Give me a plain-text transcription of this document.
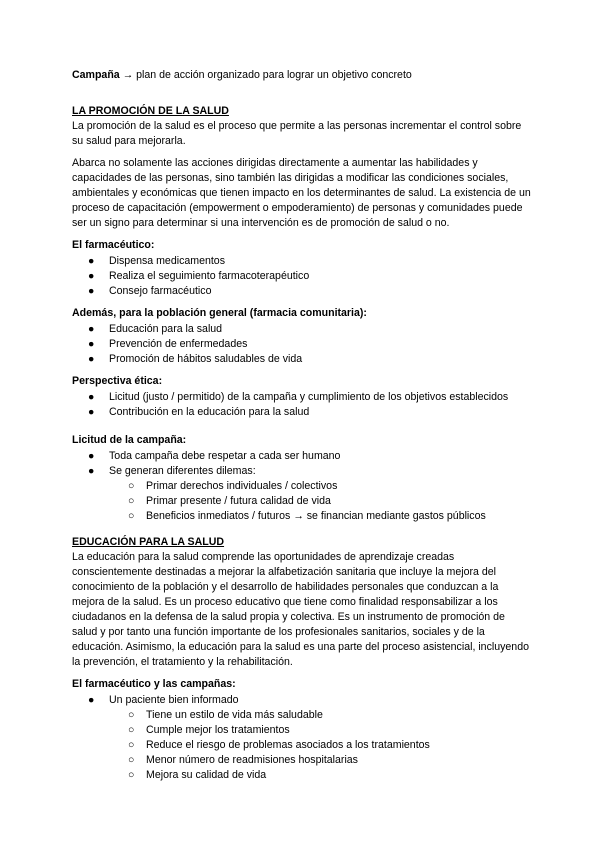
Campaña → plan de acción organizado para lograr un objetivo concreto

LA PROMOCIÓN DE LA SALUD

La promoción de la salud es el proceso que permite a las personas incrementar el control sobre su salud para mejorarla.

Abarca no solamente las acciones dirigidas directamente a aumentar las habilidades y capacidades de las personas, sino también las dirigidas a modificar las condiciones sociales, ambientales y económicas que tienen impacto en los determinantes de salud. La existencia de un proceso de capacitación (empowerment o empoderamiento) de personas y comunidades puede ser un signo para determinar si una intervención es de promoción de salud o no.

El farmacéutico:

● Dispensa medicamentos
● Realiza el seguimiento farmacoterapéutico
● Consejo farmacéutico

Además, para la población general (farmacia comunitaria):

● Educación para la salud
● Prevención de enfermedades
● Promoción de hábitos saludables de vida

Perspectiva ética:

● Licitud (justo / permitido) de la campaña y cumplimiento de los objetivos establecidos
● Contribución en la educación para la salud

Licitud de la campaña:

● Toda campaña debe respetar a cada ser humano
● Se generan diferentes dilemas:
○ Primar derechos individuales / colectivos
○ Primar presente / futura calidad de vida
○ Beneficios inmediatos / futuros → se financian mediante gastos públicos

EDUCACIÓN PARA LA SALUD

La educación para la salud comprende las oportunidades de aprendizaje creadas conscientemente destinadas a mejorar la alfabetización sanitaria que incluye la mejora del conocimiento de la población y el desarrollo de habilidades personales que conduzcan a la mejora de la salud. Es un proceso educativo que tiene como finalidad responsabilizar a los ciudadanos en la defensa de la salud propia y colectiva. Es un instrumento de promoción de salud y por tanto una función importante de los profesionales sanitarios, sociales y de la educación. Asimismo, la educación para la salud es una parte del proceso asistencial, incluyendo la prevención, el tratamiento y la rehabilitación.

El farmacéutico y las campañas:

● Un paciente bien informado
○ Tiene un estilo de vida más saludable
○ Cumple mejor los tratamientos
○ Reduce el riesgo de problemas asociados a los tratamientos
○ Menor número de readmisiones hospitalarias
○ Mejora su calidad de vida
